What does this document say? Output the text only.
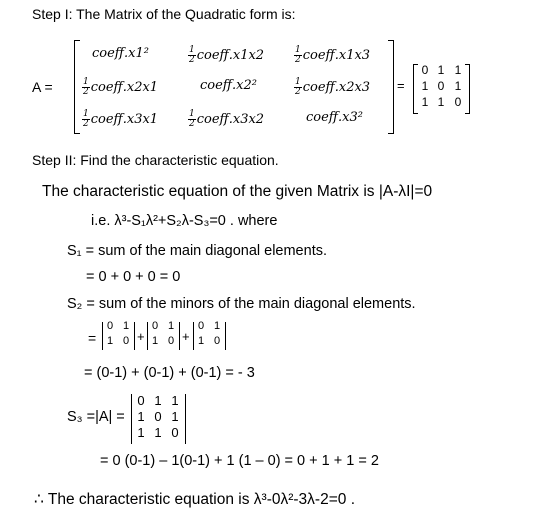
Step I: The Matrix of the Quadratic form is:
A =
coeff.x1²	$\frac{1}{2}$ coeff.x1x2	$\frac{1}{2}$ coeff.x1x3
$\frac{1}{2}$ coeff.x2x1	coeff.x2²	$\frac{1}{2}$ coeff.x2x3
$\frac{1}{2}$ coeff.x3x1	$\frac{1}{2}$ coeff.x3x2	coeff.x3²
=
0 1 1
1 0 1
1 1 0
Step II: Find the characteristic equation.
The characteristic equation of the given Matrix is |A-λI|=0
i.e. λ³-S₁λ²+S₂λ-S₃=0 . where
S₁ = sum of the main diagonal elements.
= 0 + 0 + 0 = 0
S₂ = sum of the minors of the main diagonal elements.
=
0 1
1 0 +
0 1
1 0 +
0 1
1 0
= (0-1) + (0-1) + (0-1) = - 3
S₃ =|A| =
0 1 1
1 0 1
1 1 0
= 0 (0-1) – 1(0-1) + 1 (1 – 0) = 0 + 1 + 1 = 2
∴ The characteristic equation is λ³-0λ²-3λ-2=0 .
